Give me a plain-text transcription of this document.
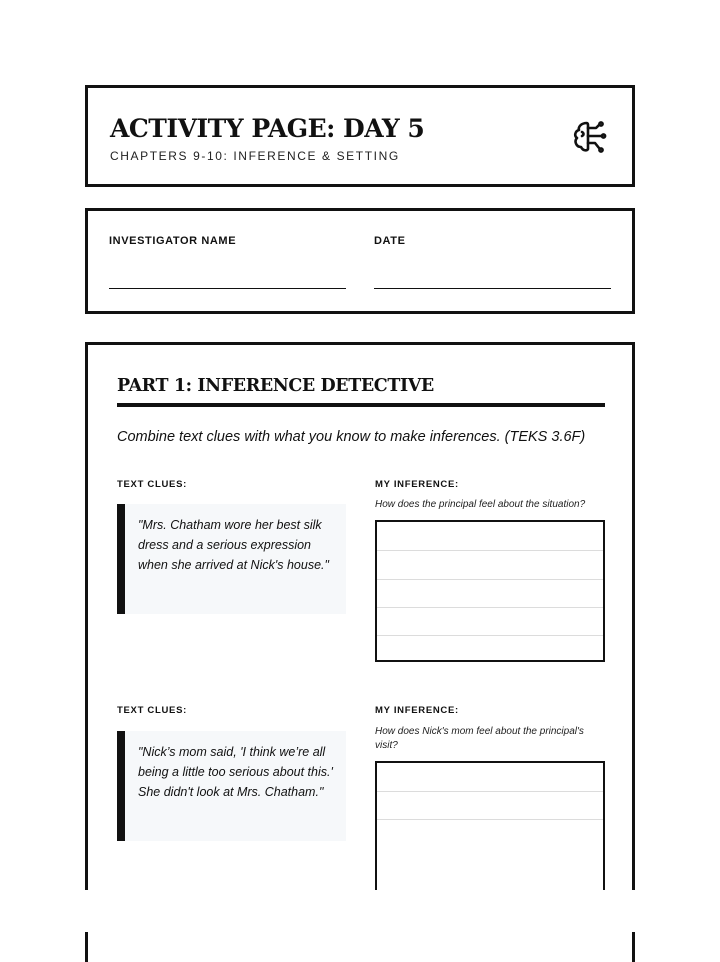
ACTIVITY PAGE: DAY 5
CHAPTERS 9-10: INFERENCE & SETTING
INVESTIGATOR NAME	DATE
PART 1: INFERENCE DETECTIVE
Combine text clues with what you know to make inferences. (TEKS 3.6F)
TEXT CLUES:	MY INFERENCE:
How does the principal feel about the situation?
"Mrs. Chatham wore her best silk dress and a serious expression when she arrived at Nick's house."
TEXT CLUES:	MY INFERENCE:
How does Nick's mom feel about the principal's visit?
"Nick’s mom said, 'I think we’re all being a little too serious about this.' She didn't look at Mrs. Chatham."
